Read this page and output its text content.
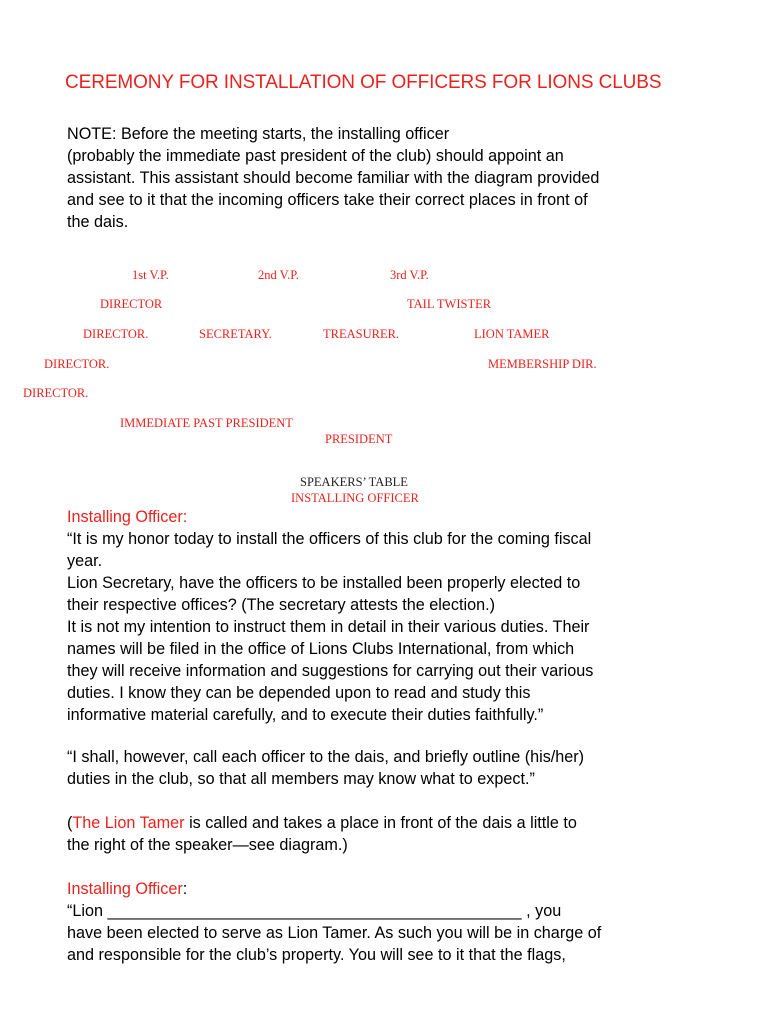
CEREMONY FOR INSTALLATION OF OFFICERS FOR LIONS CLUBS
NOTE: Before the meeting starts, the installing officer
(probably the immediate past president of the club) should appoint an
assistant. This assistant should become familiar with the diagram provided
and see to it that the incoming officers take their correct places in front of
the dais.
1st V.P.	2nd V.P.	3rd V.P.
DIRECTOR	TAIL TWISTER
DIRECTOR.	SECRETARY.	TREASURER.	LION TAMER
DIRECTOR.	MEMBERSHIP DIR.
DIRECTOR.
IMMEDIATE PAST PRESIDENT
PRESIDENT
SPEAKERS’ TABLE
INSTALLING OFFICER
Installing Officer:
“It is my honor today to install the officers of this club for the coming fiscal
year.
Lion Secretary, have the officers to be installed been properly elected to
their respective offices? (The secretary attests the election.)
It is not my intention to instruct them in detail in their various duties. Their
names will be filed in the office of Lions Clubs International, from which
they will receive information and suggestions for carrying out their various
duties. I know they can be depended upon to read and study this
informative material carefully, and to execute their duties faithfully.”
“I shall, however, call each officer to the dais, and briefly outline (his/her)
duties in the club, so that all members may know what to expect.”
(The Lion Tamer is called and takes a place in front of the dais a little to
the right of the speaker—see diagram.)
Installing Officer:
“Lion ______________________________________________ , you
have been elected to serve as Lion Tamer. As such you will be in charge of
and responsible for the club’s property. You will see to it that the flags,
